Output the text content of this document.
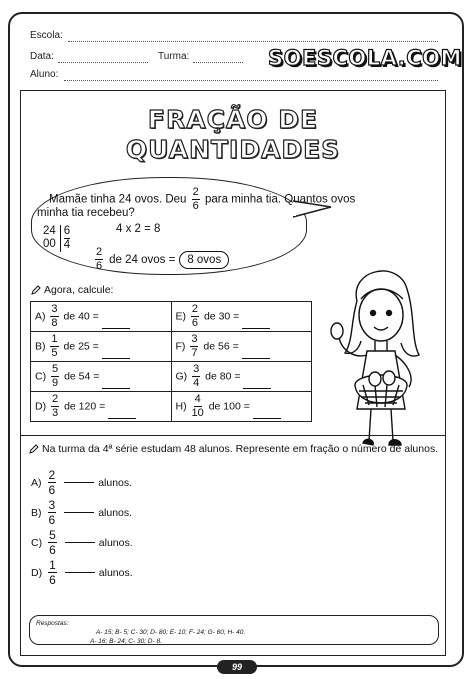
Escola:
Data:	Turma:
Aluno:
SOESCOLA.COM
FRAÇÃO DE
QUANTIDADES
Mamãe tinha 24 ovos. Deu $\frac{2}{6}$ para minha tia. Quantos ovos
minha tia recebeu?
24
00
6
4
4 x 2 = 8
$\frac{2}{6}$ de 24 ovos =	8 ovos
Agora, calcule:
$A) \frac{3}{8}$ de 40 =	$E) \frac{2}{6}$ de 30 =
$B) \frac{1}{5}$ de 25 =	$F) \frac{3}{7}$ de 56 =
$C) \frac{5}{9}$ de 54 =	$G) \frac{3}{4}$ de 80 =
$D) \frac{2}{3}$ de 120 =	$H) \frac{4}{10}$ de 100 =
Na turma da 4ª série estudam 48 alunos. Represente em fração o número de alunos.
$A) \frac{2}{6}$	alunos.
$B) \frac{3}{6}$	alunos.
$C) \frac{5}{6}$	alunos.
$D) \frac{1}{6}$	alunos.
Respostas:
A- 15; B- 5; C- 30; D- 80; E- 10; F- 24; G- 60; H- 40.
A- 16; B- 24; C- 30; D- 8.
99
